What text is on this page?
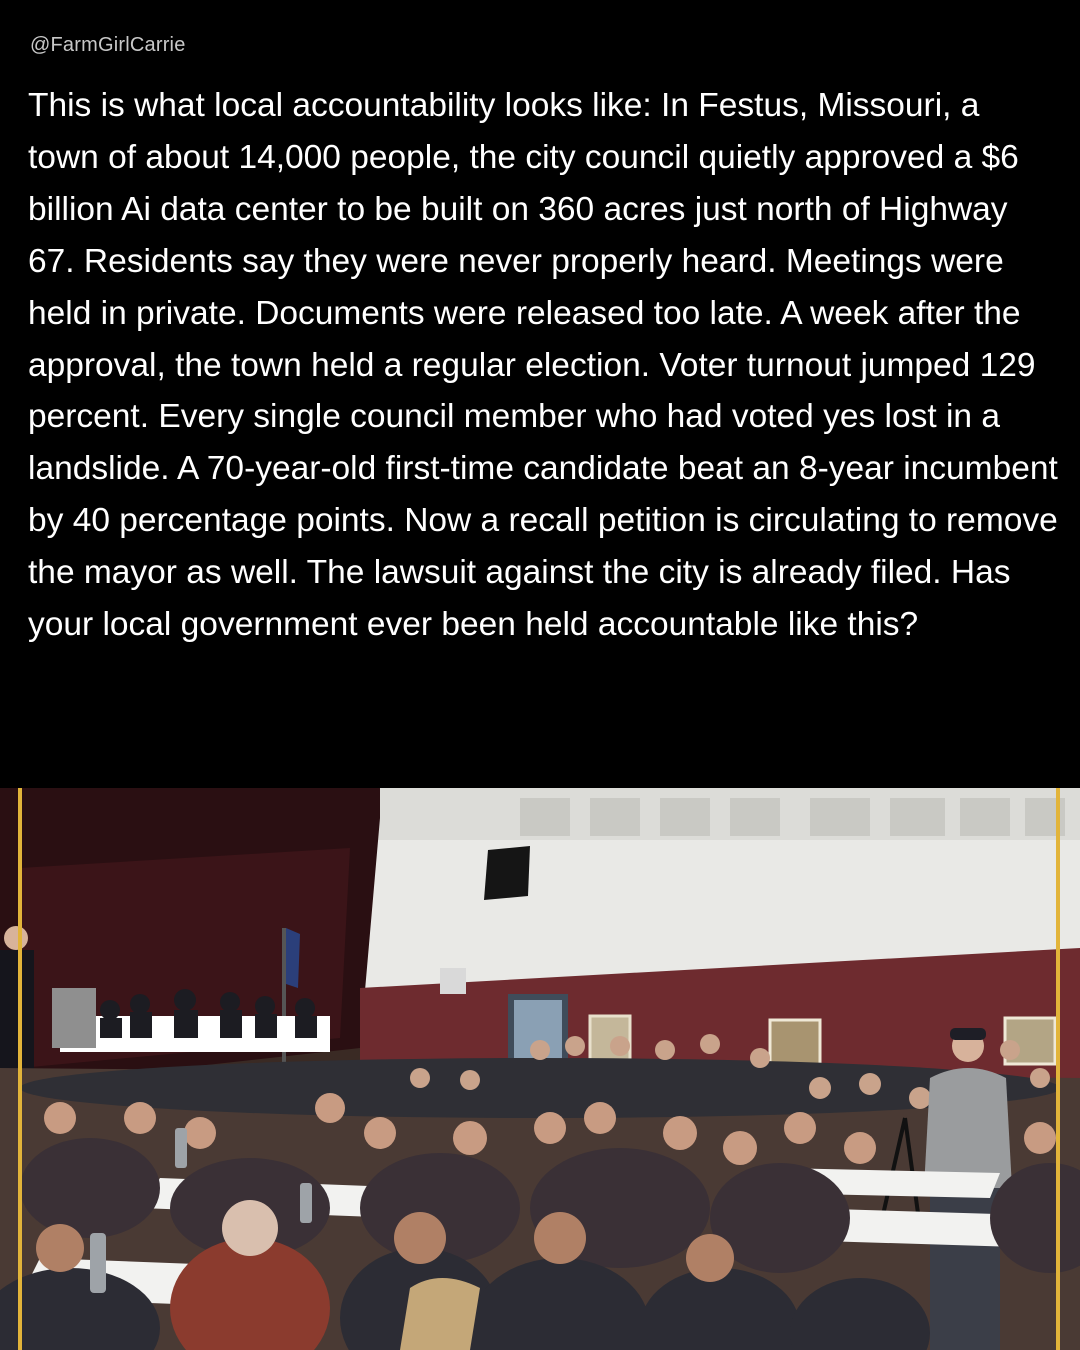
@FarmGirlCarrie

This is what local accountability looks like: In Festus, Missouri, a town of about 14,000 people, the city council quietly approved a $6 billion Ai data center to be built on 360 acres just north of Highway 67. Residents say they were never properly heard. Meetings were held in private. Documents were released too late. A week after the approval, the town held a regular election. Voter turnout jumped 129 percent. Every single council member who had voted yes lost in a landslide. A 70-year-old first-time candidate beat an 8-year incumbent by 40 percentage points. Now a recall petition is circulating to remove the mayor as well. The lawsuit against the city is already filed. Has your local government ever been held accountable like this?
